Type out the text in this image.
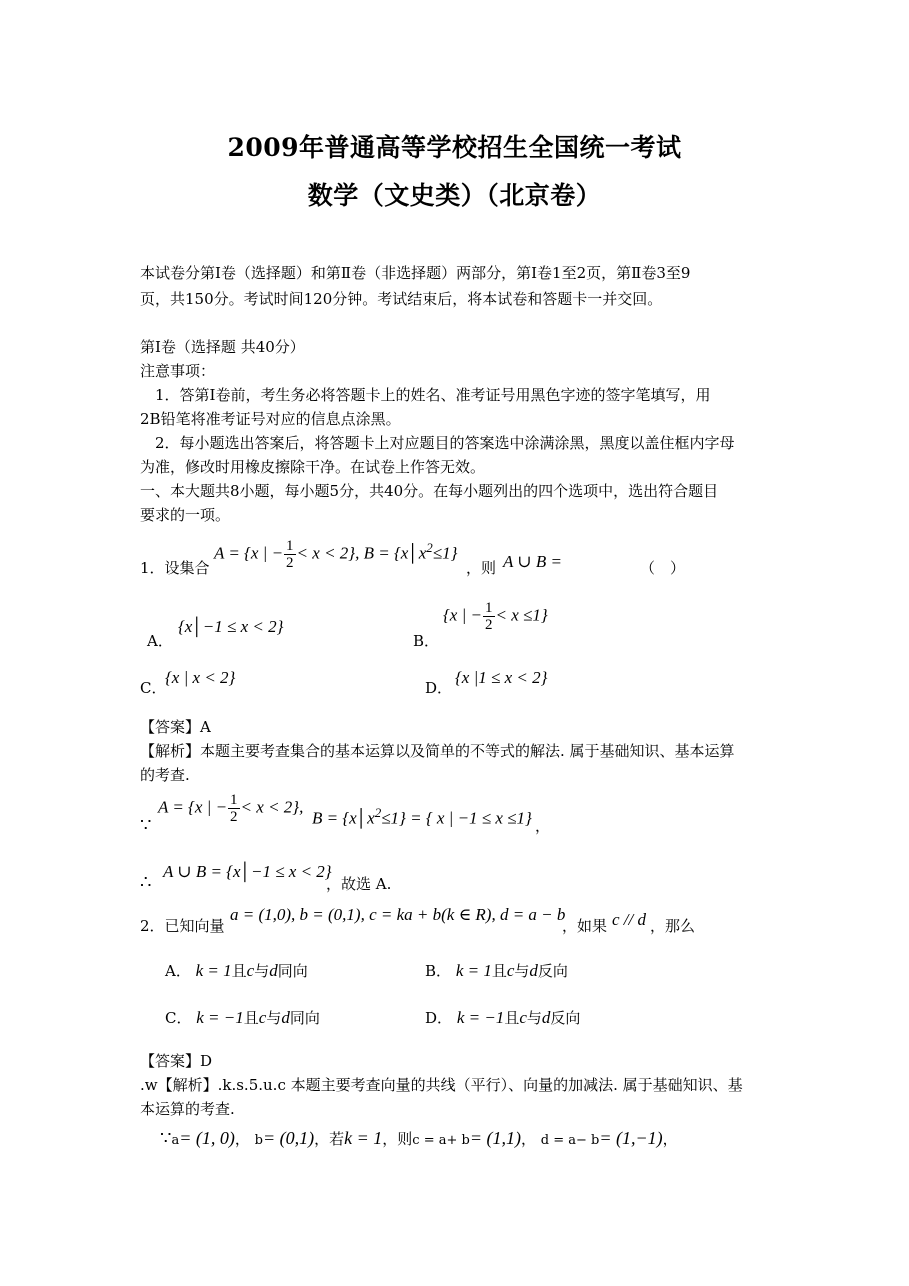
2009年普通高等学校招生全国统一考试
数学（文史类）（北京卷）
本试卷分第Ⅰ卷（选择题）和第Ⅱ卷（非选择题）两部分，第Ⅰ卷1至2页，第Ⅱ卷3至9
页，共150分。考试时间120分钟。考试结束后，将本试卷和答题卡一并交回。
第Ⅰ卷（选择题 共40分）
注意事项：
1．答第Ⅰ卷前，考生务必将答题卡上的姓名、准考证号用黑色字迹的签字笔填写，用
2B铅笔将准考证号对应的信息点涂黑。
2．每小题选出答案后，将答题卡上对应题目的答案选中涂满涂黑，黑度以盖住框内字母
为准，修改时用橡皮擦除干净。在试卷上作答无效。
一、本大题共8小题，每小题5分，共40分。在每小题列出的四个选项中，选出符合题目
要求的一项。
1．设集合
A = {x | − $\frac{1}{2} < x < 2$}, $B = \{x│x^2\le 1\}$
，则 A ∪ B =	（　）
A．
{x│−1 ≤ x < 2}
B．
{x | − $\frac{1}{2} < x \le 1$}
C．
{x | x < 2}
D．
{x |1 ≤ x < 2}
【答案】A
【解析】本题主要考查集合的基本运算以及简单的不等式的解法. 属于基础知识、基本运算
的考查.
∵
A = {x | − $\frac{1}{2} < x < 2$},
$B = \{x│x^2\le 1\}$ = { x | −1 ≤ x ≤1} ，
∴
A ∪ B = {x│−1 ≤ x < 2}
，故选 A.
2．已知向量
a = (1,0), b = (0,1), c = ka + b(k ∈ R), d = a − b
，如果 c // d ，那么
A． k = 1且c与d同向	B． k = 1且c与d反向
C． k = −1且c与d同向	D． k = −1且c与d反向
【答案】D
.w【解析】.k.s.5.u.c 本题主要考查向量的共线（平行）、向量的加减法. 属于基础知识、基
本运算的考查.
∵a= (1, 0)， b= (0,1)，若k = 1，则c = a+ b= (1,1)， d = a− b= (1,−1)，
